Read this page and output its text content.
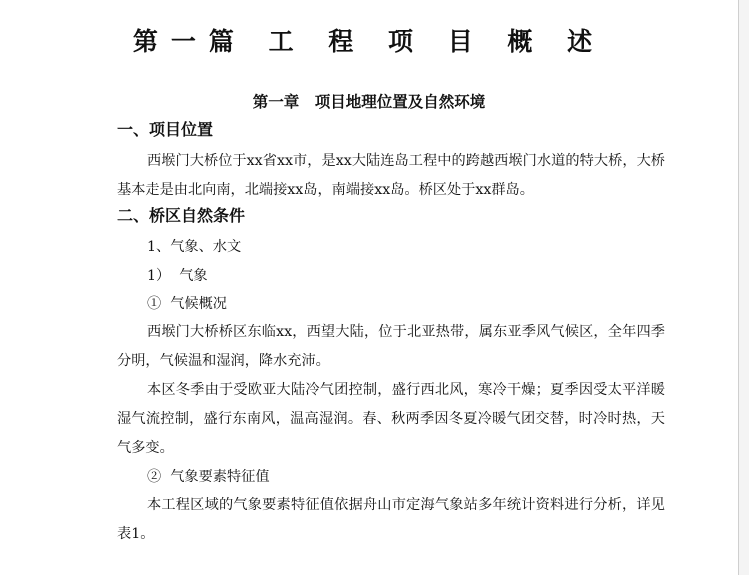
第一篇 工 程 项 目 概 述
第一章　项目地理位置及自然环境
一、项目位置

西堠门大桥位于xx省xx市，是xx大陆连岛工程中的跨越西堠门水道的特大桥，大桥基本走是由北向南，北端接xx岛，南端接xx岛。桥区处于xx群岛。

二、桥区自然条件

1、气象、水文

1）  气象

①  气候概况

西堠门大桥桥区东临xx，西望大陆，位于北亚热带，属东亚季风气候区，全年四季分明，气候温和湿润，降水充沛。

本区冬季由于受欧亚大陆冷气团控制，盛行西北风，寒冷干燥；夏季因受太平洋暖湿气流控制，盛行东南风，温高湿润。春、秋两季因冬夏冷暖气团交替，时冷时热，天气多变。

②  气象要素特征值

本工程区域的气象要素特征值依据舟山市定海气象站多年统计资料进行分析，详见表1。
